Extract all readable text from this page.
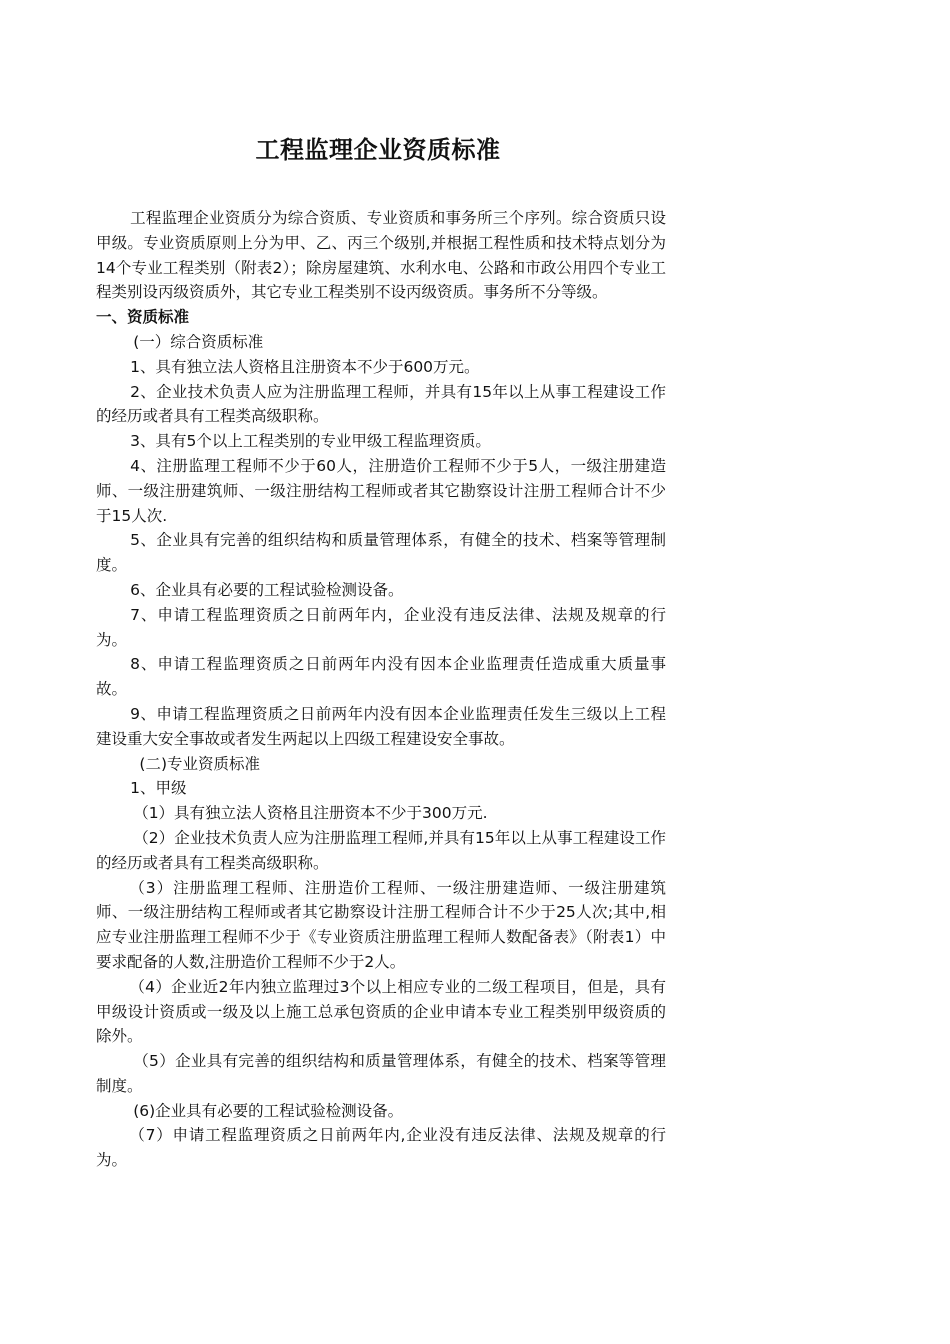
工程监理企业资质标准

工程监理企业资质分为综合资质、专业资质和事务所三个序列。综合资质只设甲级。专业资质原则上分为甲、乙、丙三个级别,并根据工程性质和技术特点划分为14个专业工程类别（附表2）；除房屋建筑、水利水电、公路和市政公用四个专业工程类别设丙级资质外，其它专业工程类别不设丙级资质。事务所不分等级。

一、资质标准

(一）综合资质标准

1、具有独立法人资格且注册资本不少于600万元。

2、企业技术负责人应为注册监理工程师，并具有15年以上从事工程建设工作的经历或者具有工程类高级职称。

3、具有5个以上工程类别的专业甲级工程监理资质。

4、注册监理工程师不少于60人，注册造价工程师不少于5人，一级注册建造师、一级注册建筑师、一级注册结构工程师或者其它勘察设计注册工程师合计不少于15人次.

5、企业具有完善的组织结构和质量管理体系，有健全的技术、档案等管理制度。

6、企业具有必要的工程试验检测设备。

7、申请工程监理资质之日前两年内，企业没有违反法律、法规及规章的行为。

8、申请工程监理资质之日前两年内没有因本企业监理责任造成重大质量事故。

9、申请工程监理资质之日前两年内没有因本企业监理责任发生三级以上工程建设重大安全事故或者发生两起以上四级工程建设安全事故。

(二)专业资质标准

1、甲级

（1）具有独立法人资格且注册资本不少于300万元.

（2）企业技术负责人应为注册监理工程师,并具有15年以上从事工程建设工作的经历或者具有工程类高级职称。

（3）注册监理工程师、注册造价工程师、一级注册建造师、一级注册建筑师、一级注册结构工程师或者其它勘察设计注册工程师合计不少于25人次;其中,相应专业注册监理工程师不少于《专业资质注册监理工程师人数配备表》（附表1）中要求配备的人数,注册造价工程师不少于2人。

（4）企业近2年内独立监理过3个以上相应专业的二级工程项目，但是，具有甲级设计资质或一级及以上施工总承包资质的企业申请本专业工程类别甲级资质的除外。

（5）企业具有完善的组织结构和质量管理体系，有健全的技术、档案等管理制度。

(6)企业具有必要的工程试验检测设备。

（7）申请工程监理资质之日前两年内,企业没有违反法律、法规及规章的行为。
